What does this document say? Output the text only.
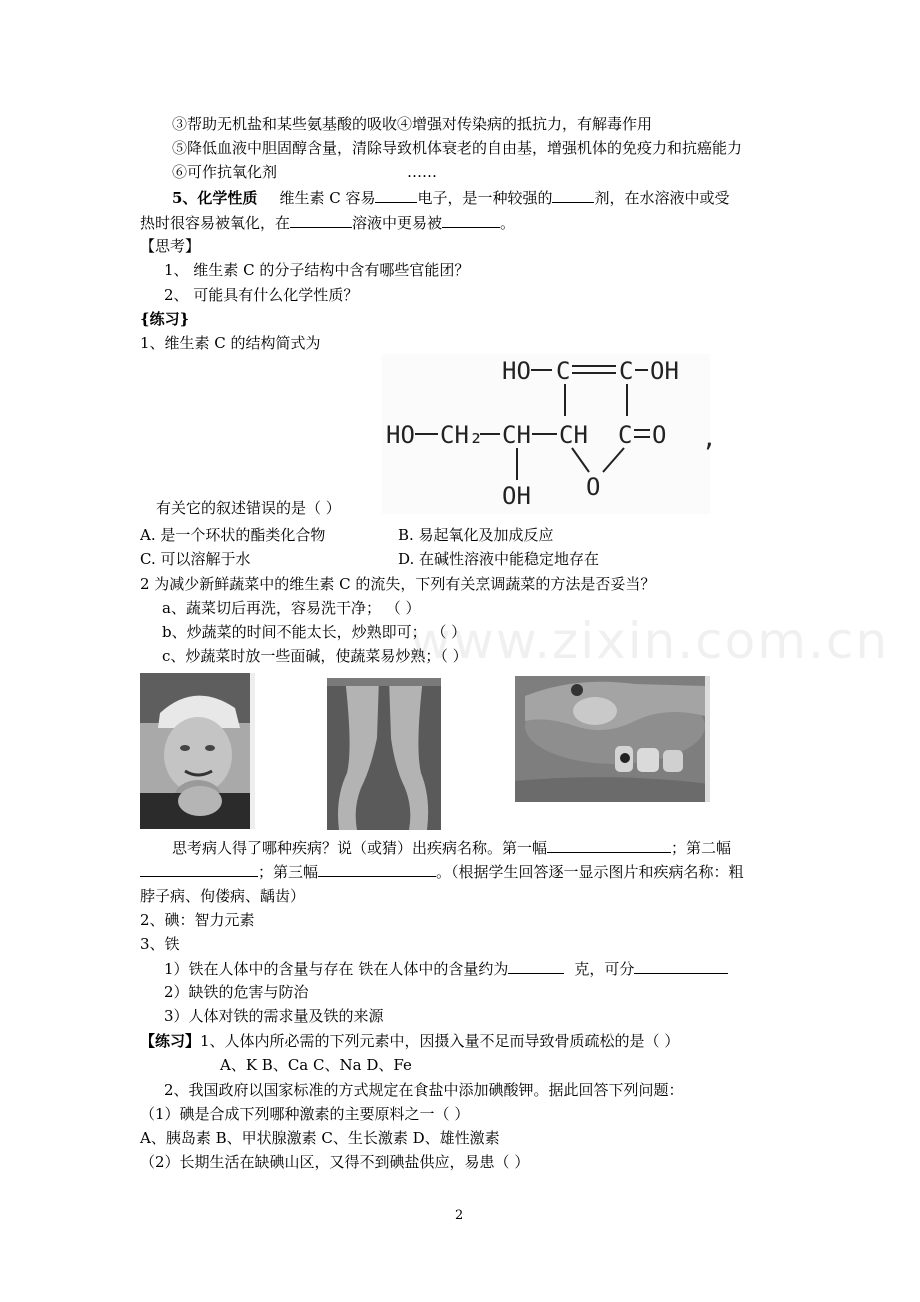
③帮助无机盐和某些氨基酸的吸收④增强对传染病的抵抗力，有解毒作用
⑤降低血液中胆固醇含量，清除导致机体衰老的自由基，增强机体的免疫力和抗癌能力
⑥可作抗氧化剂	……
5、化学性质 维生素 C 容易	电子，是一种较强的	剂，在水溶液中或受
热时很容易被氧化，在	溶液中更易被	。
【思考】
1、 维生素 C 的分子结构中含有哪些官能团？
2、 可能具有什么化学性质？
{练习}
1、维生素 C 的结构简式为
HO C C OH
HO CH₂ CH CH C O ,
OH O
有关它的叙述错误的是（ ）
A. 是一个环状的酯类化合物	B. 易起氧化及加成反应
C. 可以溶解于水	D. 在碱性溶液中能稳定地存在
2 为减少新鲜蔬菜中的维生素 C 的流失，下列有关烹调蔬菜的方法是否妥当？
a、蔬菜切后再洗，容易洗干净； （ ）
b、炒蔬菜的时间不能太长，炒熟即可； （ ）
c、炒蔬菜时放一些面碱，使蔬菜易炒熟；（ ）
www.zixin.com.cn
思考病人得了哪种疾病？说（或猜）出疾病名称。第一幅	；第二幅
；第三幅	。（根据学生回答逐一显示图片和疾病名称：粗
脖子病、佝偻病、龋齿）
2、碘：智力元素
3、铁
1）铁在人体中的含量与存在 铁在人体中的含量约为	克，可分
2）缺铁的危害与防治
3）人体对铁的需求量及铁的来源
【练习】1、人体内所必需的下列元素中，因摄入量不足而导致骨质疏松的是（ ）
A、K B、Ca C、Na D、Fe
2、我国政府以国家标准的方式规定在食盐中添加碘酸钾。据此回答下列问题：
（1）碘是合成下列哪种激素的主要原料之一（ ）
A、胰岛素 B、甲状腺激素 C、生长激素 D、雄性激素
（2）长期生活在缺碘山区，又得不到碘盐供应，易患（ ）
2
